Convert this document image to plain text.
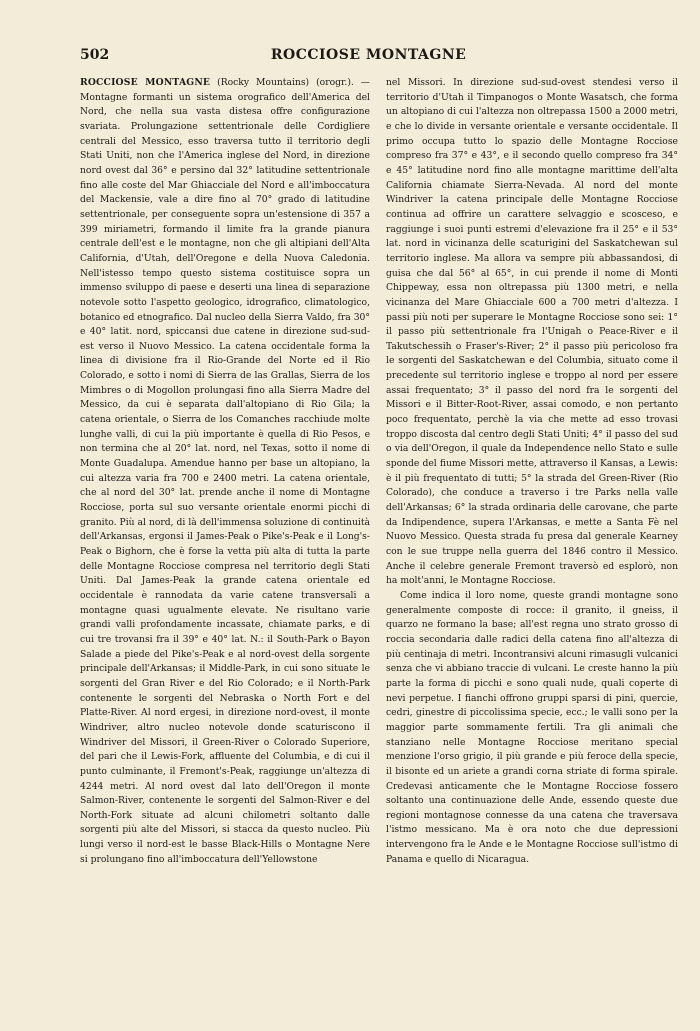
502	ROCCIOSE MONTAGNE

ROCCIOSE MONTAGNE (Rocky Mountains) (orogr.). — Montagne formanti un sistema orografico dell'America del Nord, che nella sua vasta distesa offre configurazione svariata. Prolungazione settentrionale delle Cordigliere centrali del Messico, esso traversa tutto il territorio degli Stati Uniti, non che l'America inglese del Nord, in direzione nord ovest dal 36° e persino dal 32° latitudine settentrionale fino alle coste del Mar Ghiacciale del Nord e all'imboccatura del Mackensie, vale a dire fino al 70° grado di latitudine settentrionale, per conseguente sopra un'estensione di 357 a 399 miriametri, formando il limite fra la grande pianura centrale dell'est e le montagne, non che gli altipiani dell'Alta California, d'Utah, dell'Oregone e della Nuova Caledonia. Nell'istesso tempo questo sistema costituisce sopra un immenso sviluppo di paese e deserti una linea di separazione notevole sotto l'aspetto geologico, idrografico, climatologico, botanico ed etnografico. Dal nucleo della Sierra Valdo, fra 30° e 40° latit. nord, spiccansi due catene in direzione sud-sud-est verso il Nuovo Messico. La catena occidentale forma la linea di divisione fra il Rio-Grande del Norte ed il Rio Colorado, e sotto i nomi di Sierra de las Grallas, Sierra de los Mimbres o di Mogollon prolungasi fino alla Sierra Madre del Messico, da cui è separata dall'altopiano di Rio Gila; la catena orientale, o Sierra de los Comanches racchiude molte lunghe valli, di cui la più importante è quella di Rio Pesos, e non termina che al 20° lat. nord, nel Texas, sotto il nome di Monte Guadalupa. Amendue hanno per base un altopiano, la cui altezza varia fra 700 e 2400 metri. La catena orientale, che al nord del 30° lat. prende anche il nome di Montagne Rocciose, porta sul suo versante orientale enormi picchi di granito. Più al nord, di là dell'immensa soluzione di continuità dell'Arkansas, ergonsi il James-Peak o Pike's-Peak e il Long's-Peak o Bighorn, che è forse la vetta più alta di tutta la parte delle Montagne Rocciose compresa nel territorio degli Stati Uniti. Dal James-Peak la grande catena orientale ed occidentale è rannodata da varie catene transversali a montagne quasi ugualmente elevate. Ne risultano varie grandi valli profondamente incassate, chiamate parks, e di cui tre trovansi fra il 39° e 40° lat. N.: il South-Park o Bayon Salade a piede del Pike's-Peak e al nord-ovest della sorgente principale dell'Arkansas; il Middle-Park, in cui sono situate le sorgenti del Gran River e del Rio Colorado; e il North-Park contenente le sorgenti del Nebraska o North Fort e del Platte-River. Al nord ergesi, in direzione nord-ovest, il monte Windriver, altro nucleo notevole donde scaturiscono il Windriver del Missori, il Green-River o Colorado Superiore, del pari che il Lewis-Fork, affluente del Columbia, e di cui il punto culminante, il Fremont's-Peak, raggiunge un'altezza di 4244 metri. Al nord ovest dal lato dell'Oregon il monte Salmon-River, contenente le sorgenti del Salmon-River e del North-Fork situate ad alcuni chilometri soltanto dalle sorgenti più alte del Missori, si stacca da questo nucleo. Più lungi verso il nord-est le basse Black-Hills o Montagne Nere si prolungano fino all'imboccatura dell'Yellowstone

nel Missori. In direzione sud-sud-ovest stendesi verso il territorio d'Utah il Timpanogos o Monte Wasatsch, che forma un altopiano di cui l'altezza non oltrepassa 1500 a 2000 metri, e che lo divide in versante orientale e versante occidentale. Il primo occupa tutto lo spazio delle Montagne Rocciose compreso fra 37° e 43°, e il secondo quello compreso fra 34° e 45° latitudine nord fino alle montagne marittime dell'alta California chiamate Sierra-Nevada. Al nord del monte Windriver la catena principale delle Montagne Rocciose continua ad offrire un carattere selvaggio e scosceso, e raggiunge i suoi punti estremi d'elevazione fra il 25° e il 53° lat. nord in vicinanza delle scaturigini del Saskatchewan sul territorio inglese. Ma allora va sempre più abbassandosi, di guisa che dal 56° al 65°, in cui prende il nome di Monti Chippeway, essa non oltrepassa più 1300 metri, e nella vicinanza del Mare Ghiacciale 600 a 700 metri d'altezza. I passi più noti per superare le Montagne Rocciose sono sei: 1° il passo più settentrionale fra l'Unigah o Peace-River e il Takutschessih o Fraser's-River; 2° il passo più pericoloso fra le sorgenti del Saskatchewan e del Columbia, situato come il precedente sul territorio inglese e troppo al nord per essere assai frequentato; 3° il passo del nord fra le sorgenti del Missori e il Bitter-Root-River, assai comodo, e non pertanto poco frequentato, perchè la via che mette ad esso trovasi troppo discosta dal centro degli Stati Uniti; 4° il passo del sud o via dell'Oregon, il quale da Independence nello Stato e sulle sponde del fiume Missori mette, attraverso il Kansas, a Lewis: è il più frequentato di tutti; 5° la strada del Green-River (Rio Colorado), che conduce a traverso i tre Parks nella valle dell'Arkansas; 6° la strada ordinaria delle carovane, che parte da Indipendence, supera l'Arkansas, e mette a Santa Fè nel Nuovo Messico. Questa strada fu presa dal generale Kearney con le sue truppe nella guerra del 1846 contro il Messico. Anche il celebre generale Fremont traversò ed esplorò, non ha molt'anni, le Montagne Rocciose.

Come indica il loro nome, queste grandi montagne sono generalmente composte di rocce: il granito, il gneiss, il quarzo ne formano la base; all'est regna uno strato grosso di roccia secondaria dalle radici della catena fino all'altezza di più centinaja di metri. Incontransivi alcuni rimasugli vulcanici senza che vi abbiano traccie di vulcani. Le creste hanno la più parte la forma di picchi e sono quali nude, quali coperte di nevi perpetue. I fianchi offrono gruppi sparsi di pini, quercie, cedri, ginestre di piccolissima specie, ecc.; le valli sono per la maggior parte sommamente fertili. Tra gli animali che stanziano nelle Montagne Rocciose meritano special menzione l'orso grigio, il più grande e più feroce della specie, il bisonte ed un ariete a grandi corna striate di forma spirale. Credevasi anticamente che le Montagne Rocciose fossero soltanto una continuazione delle Ande, essendo queste due regioni montagnose connesse da una catena che traversava l'istmo messicano. Ma è ora noto che due depressioni intervengono fra le Ande e le Montagne Rocciose sull'istmo di Panama e quello di Nicaragua.
